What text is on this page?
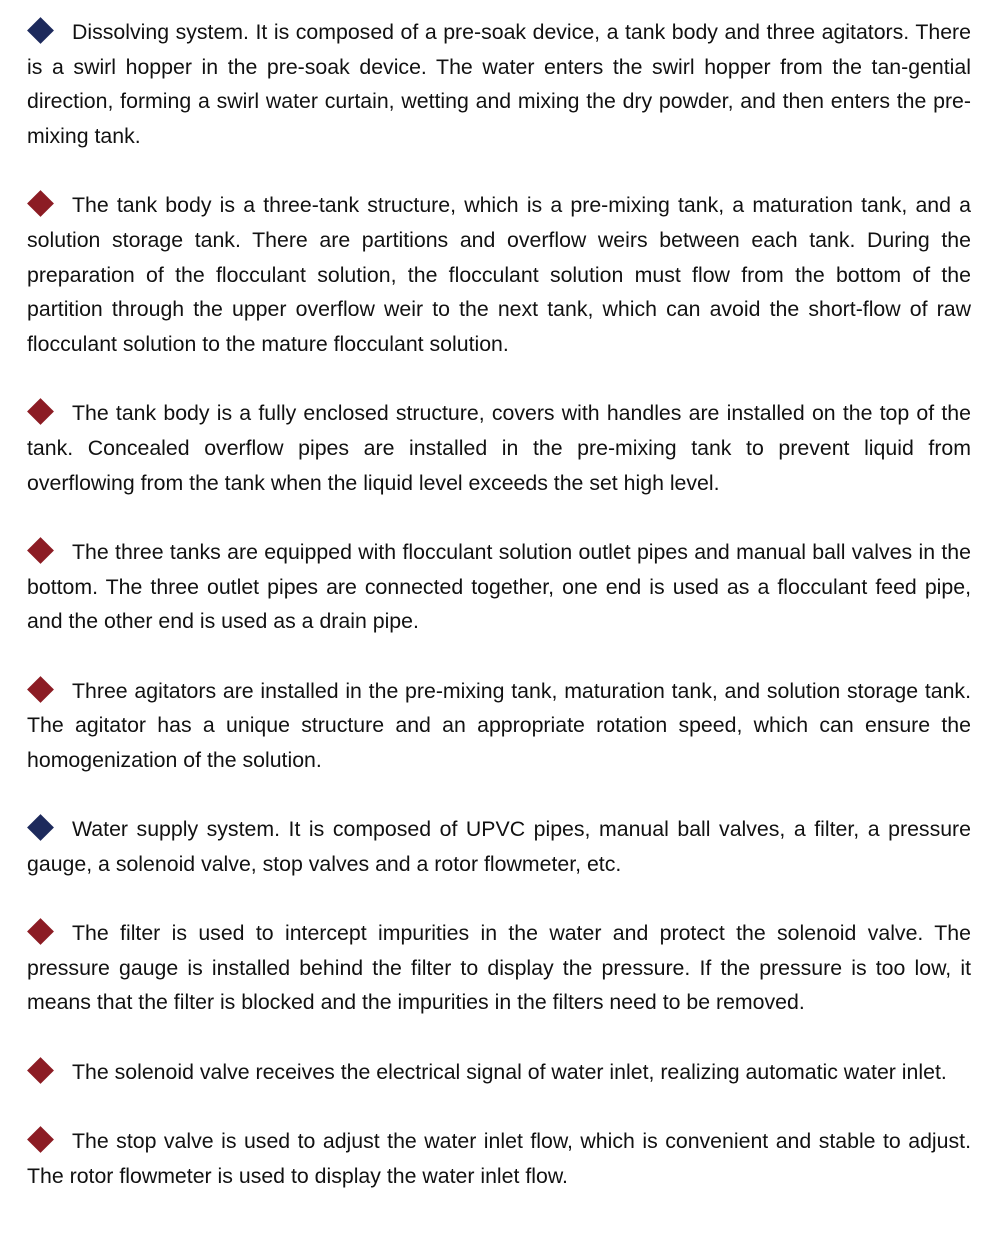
Dissolving system. It is composed of a pre-soak device, a tank body and three agitators. There is a swirl hopper in the pre-soak device. The water enters the swirl hopper from the tan-gential direction, forming a swirl water curtain, wetting and mixing the dry powder, and then enters the pre-mixing tank.

The tank body is a three-tank structure, which is a pre-mixing tank, a maturation tank, and a solution storage tank. There are partitions and overflow weirs between each tank. During the preparation of the flocculant solution, the flocculant solution must flow from the bottom of the partition through the upper overflow weir to the next tank, which can avoid the short-flow of raw flocculant solution to the mature flocculant solution.

The tank body is a fully enclosed structure, covers with handles are installed on the top of the tank. Concealed overflow pipes are installed in the pre-mixing tank to prevent liquid from overflowing from the tank when the liquid level exceeds the set high level.

The three tanks are equipped with flocculant solution outlet pipes and manual ball valves in the bottom. The three outlet pipes are connected together, one end is used as a flocculant feed pipe, and the other end is used as a drain pipe.

Three agitators are installed in the pre-mixing tank, maturation tank, and solution storage tank. The agitator has a unique structure and an appropriate rotation speed, which can ensure the homogenization of the solution.

Water supply system. It is composed of UPVC pipes, manual ball valves, a filter, a pressure gauge, a solenoid valve, stop valves and a rotor flowmeter, etc.

The filter is used to intercept impurities in the water and protect the solenoid valve. The pressure gauge is installed behind the filter to display the pressure. If the pressure is too low, it means that the filter is blocked and the impurities in the filters need to be removed.

The solenoid valve receives the electrical signal of water inlet, realizing automatic water inlet.

The stop valve is used to adjust the water inlet flow, which is convenient and stable to adjust. The rotor flowmeter is used to display the water inlet flow.
